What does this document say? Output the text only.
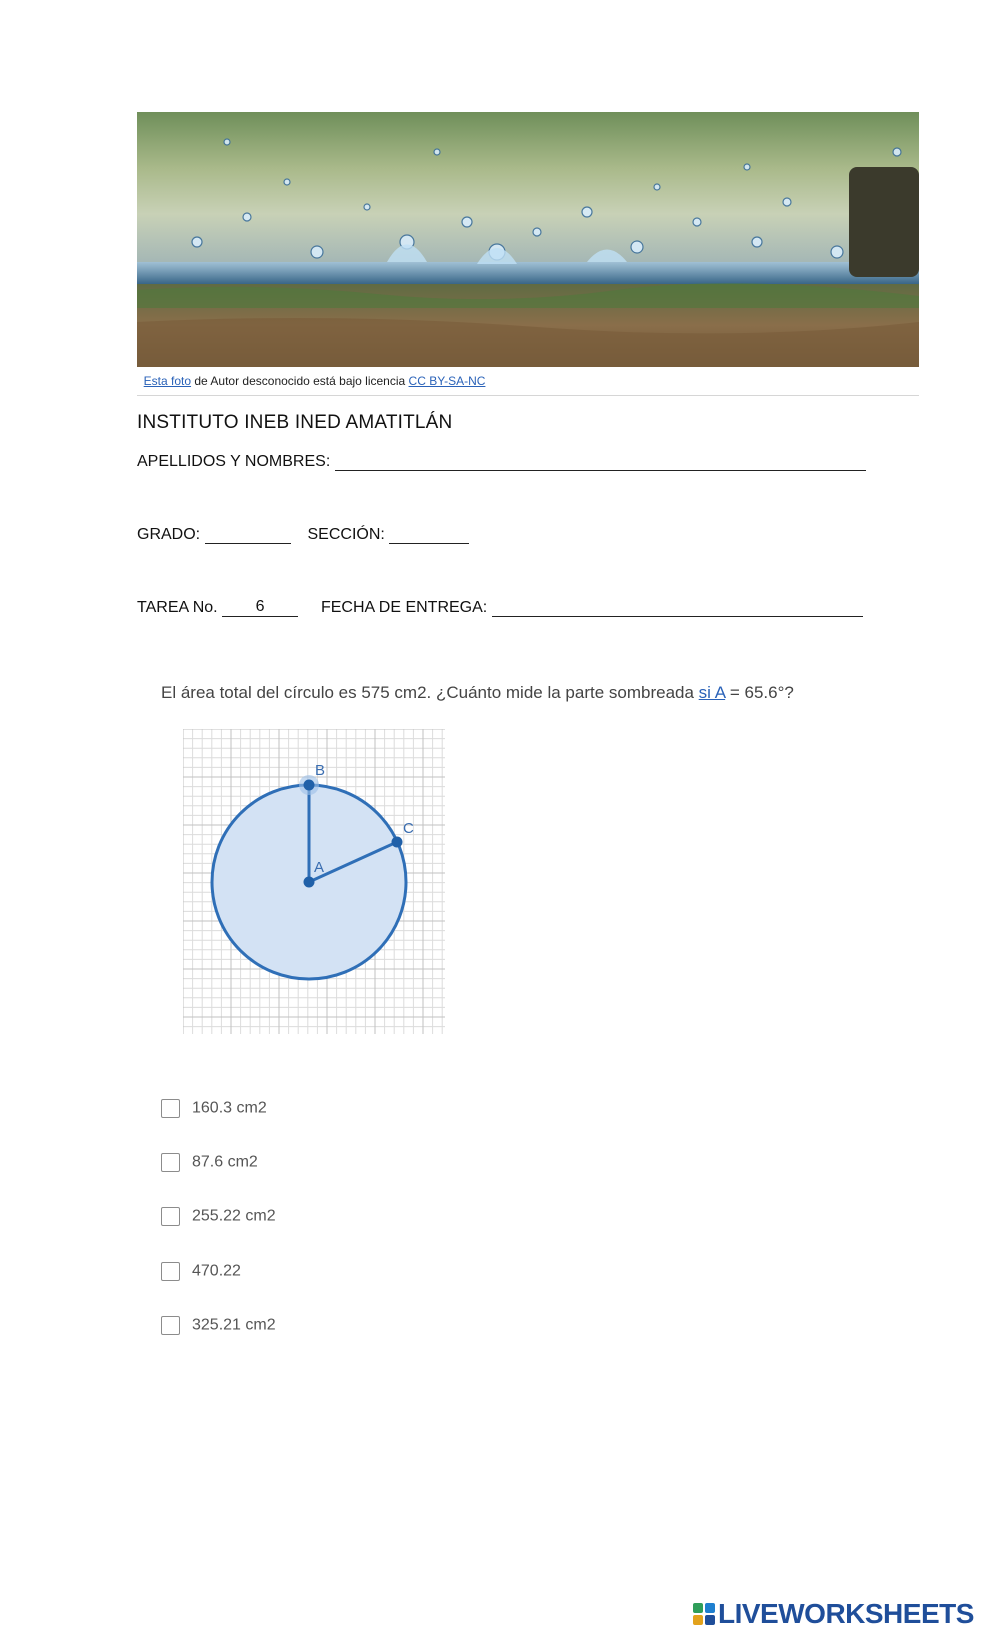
Esta foto de Autor desconocido está bajo licencia CC BY-SA-NC
INSTITUTO INEB INED AMATITLÁN
APELLIDOS Y NOMBRES:
GRADO:	SECCIÓN:
TAREA No. 6	FECHA DE ENTREGA:
El área total del círculo es 575 cm2. ¿Cuánto mide la parte sombreada si A = 65.6°?
B
C
A
160.3 cm2
87.6 cm2
255.22 cm2
470.22
325.21 cm2
LIVEWORKSHEETS
